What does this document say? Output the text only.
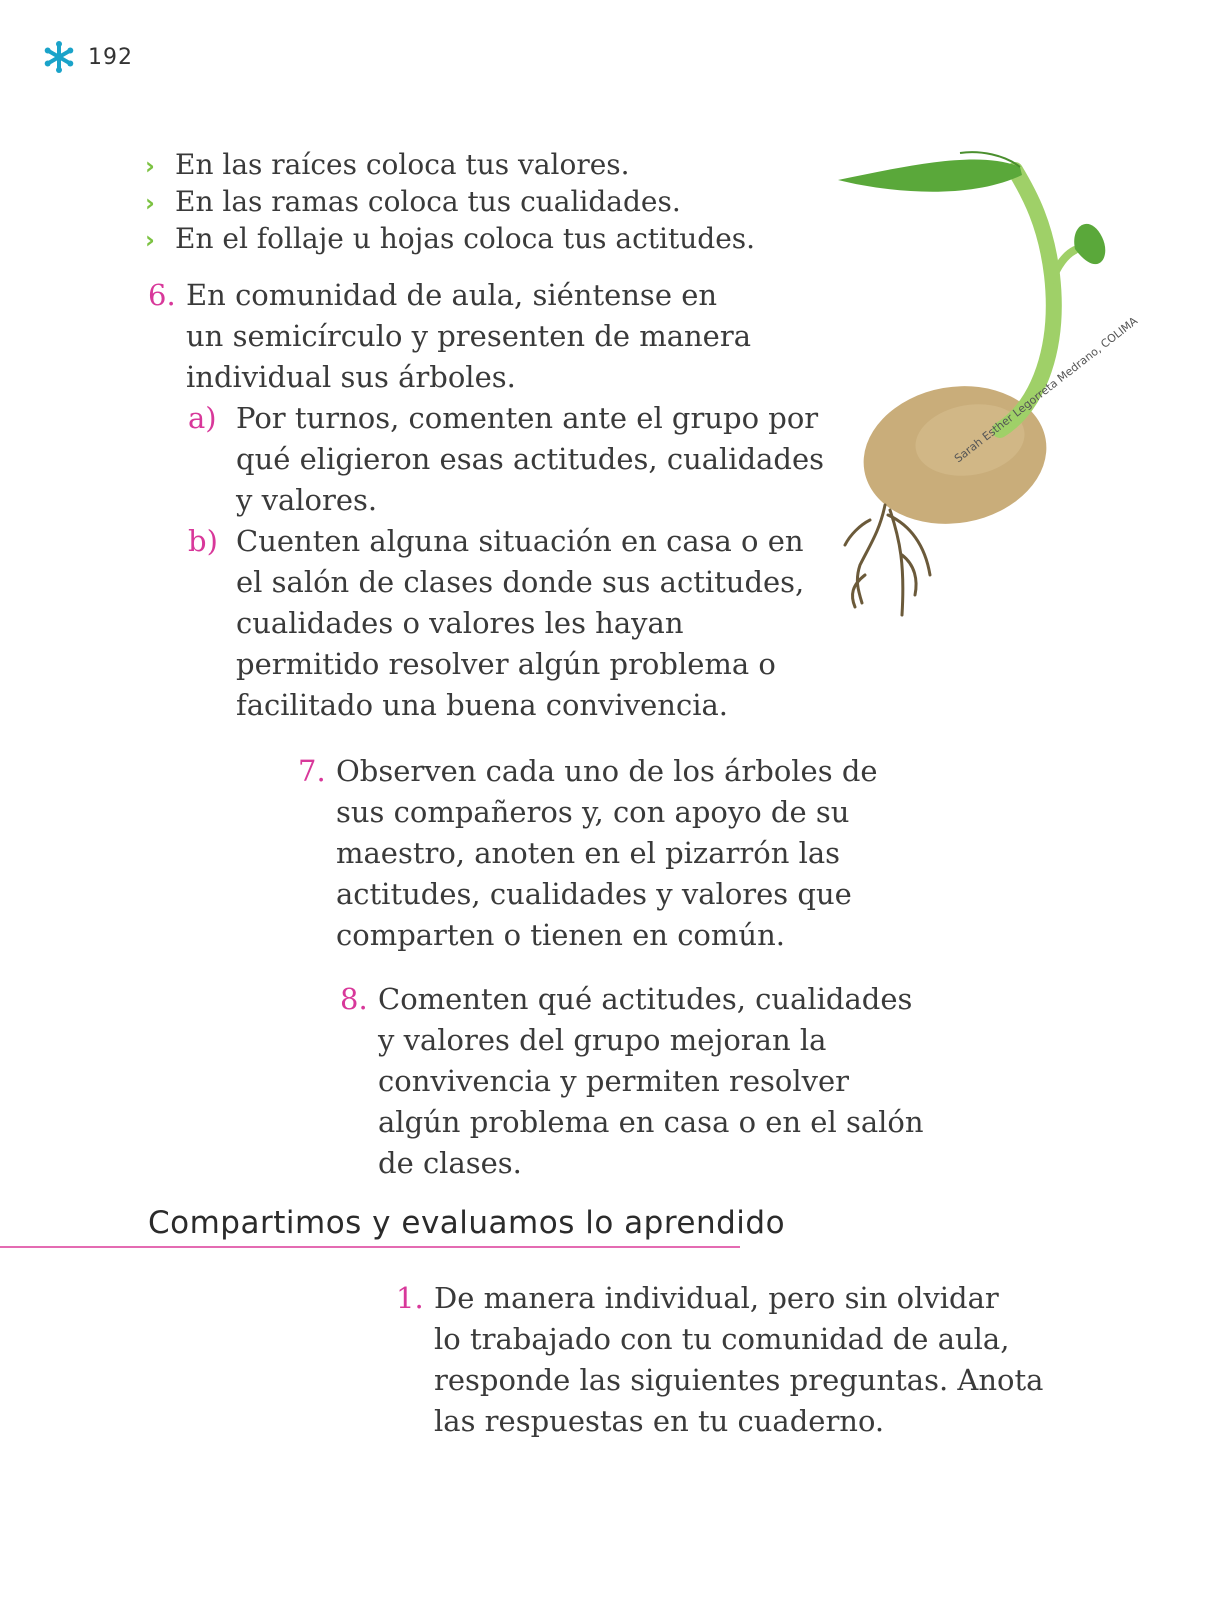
192
› En las raíces coloca tus valores.
› En las ramas coloca tus cualidades.
› En el follaje u hojas coloca tus actitudes.
6. En comunidad de aula, siéntense en
un semicírculo y presenten de manera
individual sus árboles.
a) Por turnos, comenten ante el grupo por
qué eligieron esas actitudes, cualidades
y valores.
b) Cuenten alguna situación en casa o en
el salón de clases donde sus actitudes,
cualidades o valores les hayan
permitido resolver algún problema o
facilitado una buena convivencia.
7. Observen cada uno de los árboles de
sus compañeros y, con apoyo de su
maestro, anoten en el pizarrón las
actitudes, cualidades y valores que
comparten o tienen en común.
8. Comenten qué actitudes, cualidades
y valores del grupo mejoran la
convivencia y permiten resolver
algún problema en casa o en el salón
de clases.
Compartimos y evaluamos lo aprendido
1. De manera individual, pero sin olvidar
lo trabajado con tu comunidad de aula,
responde las siguientes preguntas. Anota
las respuestas en tu cuaderno.
Sarah Esther Legorreta Medrano, COLIMA
